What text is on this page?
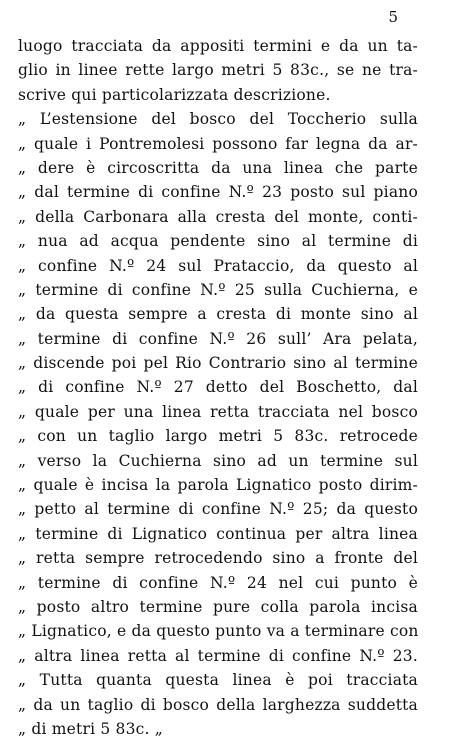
5
luogo tracciata da appositi termini e da un ta-
glio in linee rette largo metri 5 83c., se ne tra-
scrive qui particolarizzata descrizione.
„ L’estensione del bosco del Toccherio sulla
„ quale i Pontremolesi possono far legna da ar-
„ dere è circoscritta da una linea che parte
„ dal termine di confine N.º 23 posto sul piano
„ della Carbonara alla cresta del monte, conti-
„ nua ad acqua pendente sino al termine di
„ confine N.º 24 sul Prataccio, da questo al
„ termine di confine N.º 25 sulla Cuchierna, e
„ da questa sempre a cresta di monte sino al
„ termine di confine N.º 26 sull’ Ara pelata,
„ discende poi pel Rio Contrario sino al termine
„ di confine N.º 27 detto del Boschetto, dal
„ quale per una linea retta tracciata nel bosco
„ con un taglio largo metri 5 83c. retrocede
„ verso la Cuchierna sino ad un termine sul
„ quale è incisa la parola Lignatico posto dirim-
„ petto al termine di confine N.º 25; da questo
„ termine di Lignatico continua per altra linea
„ retta sempre retrocedendo sino a fronte del
„ termine di confine N.º 24 nel cui punto è
„ posto altro termine pure colla parola incisa
„ Lignatico, e da questo punto va a terminare con
„ altra linea retta al termine di confine N.º 23.
„ Tutta quanta questa linea è poi tracciata
„ da un taglio di bosco della larghezza suddetta
„ di metri 5 83c. „
